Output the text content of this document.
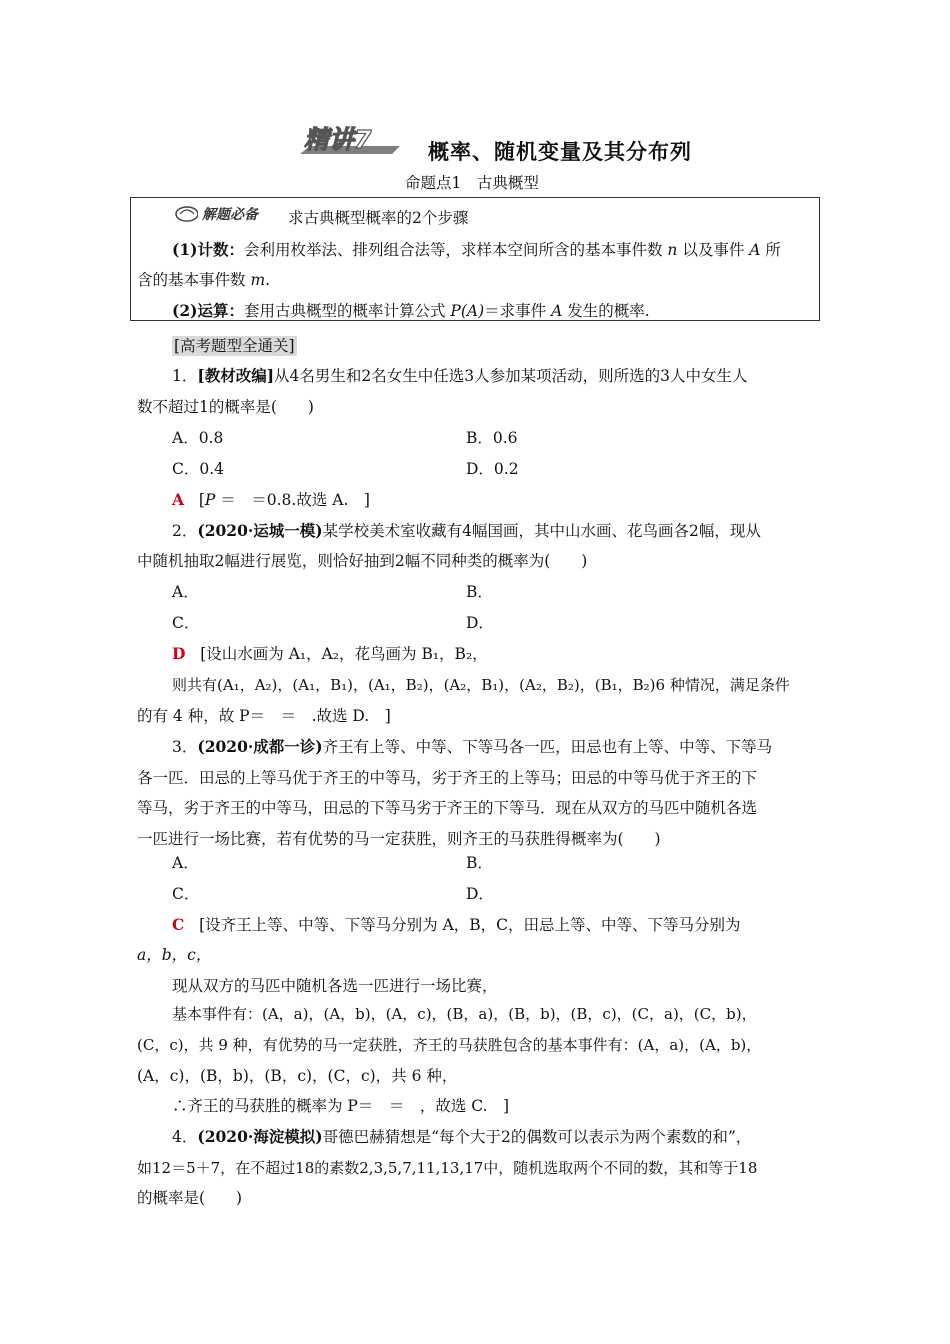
精讲7	概率、随机变量及其分布列
命题点1　古典概型
解题必备 求古典概型概率的2个步骤
(1)计数：会利用枚举法、排列组合法等，求样本空间所含的基本事件数 n 以及事件 A 所
含的基本事件数 m.
(2)运算：套用古典概型的概率计算公式 P(A)＝求事件 A 发生的概率.
[高考题型全通关]
1．[教材改编]从4名男生和2名女生中任选3人参加某项活动，则所选的3人中女生人
数不超过1的概率是(　　)
A．0.8	B．0.6
C．0.4	D．0.2
A [P ＝　＝0.8.故选 A.　]
2．(2020·运城一模)某学校美术室收藏有4幅国画，其中山水画、花鸟画各2幅，现从
中随机抽取2幅进行展览，则恰好抽到2幅不同种类的概率为(　　)
A．	B．
C．	D．
D [设山水画为 A₁，A₂，花鸟画为 B₁，B₂，
则共有(A₁，A₂)，(A₁，B₁)，(A₁，B₂)，(A₂，B₁)，(A₂，B₂)，(B₁，B₂)6 种情况，满足条件
的有 4 种，故 P＝　＝　.故选 D.　]
3．(2020·成都一诊)齐王有上等、中等、下等马各一匹，田忌也有上等、中等、下等马
各一匹．田忌的上等马优于齐王的中等马，劣于齐王的上等马；田忌的中等马优于齐王的下
等马，劣于齐王的中等马，田忌的下等马劣于齐王的下等马．现在从双方的马匹中随机各选
一匹进行一场比赛，若有优势的马一定获胜，则齐王的马获胜得概率为(　　)
A．	B．
C．	D．
C [设齐王上等、中等、下等马分别为 A，B，C，田忌上等、中等、下等马分别为
a，b，c，
现从双方的马匹中随机各选一匹进行一场比赛，
基本事件有：(A，a)，(A，b)，(A，c)，(B，a)，(B，b)，(B，c)，(C，a)，(C，b)，
(C，c)，共 9 种，有优势的马一定获胜，齐王的马获胜包含的基本事件有：(A，a)，(A，b)，
(A，c)，(B，b)，(B，c)，(C，c)，共 6 种，
∴齐王的马获胜的概率为 P＝　＝　，故选 C.　]
4．(2020·海淀模拟)哥德巴赫猜想是“每个大于2的偶数可以表示为两个素数的和”，
如12＝5＋7，在不超过18的素数2,3,5,7,11,13,17中，随机选取两个不同的数，其和等于18
的概率是(　　)
